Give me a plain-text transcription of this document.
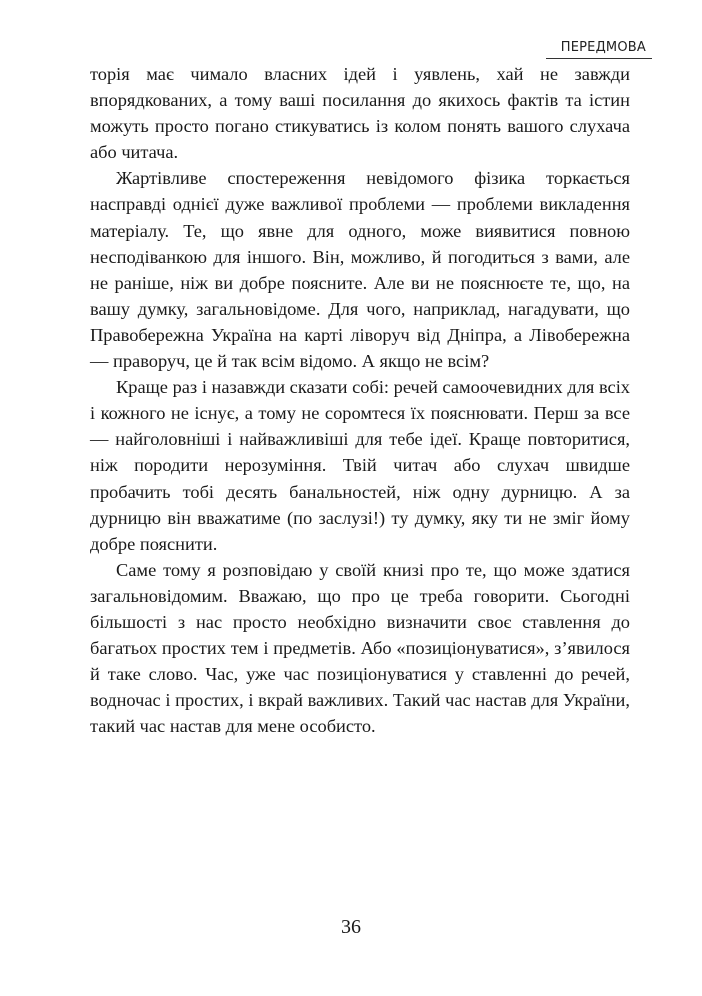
ПЕРЕДМОВА

торія має чимало власних ідей і уявлень, хай не завжди впорядкованих, а тому ваші посилання до якихось фактів та істин можуть просто погано стикуватись із колом понять вашого слухача або читача.

Жартівливе спостереження невідомого фізика торкається насправді однієї дуже важливої проблеми — проблеми викладення матеріалу. Те, що явне для одного, може виявитися повною несподіванкою для іншого. Він, можливо, й погодиться з вами, але не раніше, ніж ви добре поясните. Але ви не пояснюєте те, що, на вашу думку, загальновідоме. Для чого, наприклад, нагадувати, що Правобережна Україна на карті ліворуч від Дніпра, а Лівобережна — праворуч, це й так всім відомо. А якщо не всім?

Краще раз і назавжди сказати собі: речей самоочевидних для всіх і кожного не існує, а тому не соромтеся їх пояснювати. Перш за все — найголовніші і найважливіші для тебе ідеї. Краще повторитися, ніж породити нерозуміння. Твій читач або слухач швидше пробачить тобі десять банальностей, ніж одну дурницю. А за дурницю він вважатиме (по заслузі!) ту думку, яку ти не зміг йому добре пояснити.

Саме тому я розповідаю у своїй книзі про те, що може здатися загальновідомим. Вважаю, що про це треба говорити. Сьогодні більшості з нас просто необхідно визначити своє ставлення до багатьох простих тем і предметів. Або «позиціонуватися», з’явилося й таке слово. Час, уже час позиціонуватися у ставленні до речей, водночас і простих, і вкрай важливих. Такий час настав для України, такий час настав для мене особисто.

36
